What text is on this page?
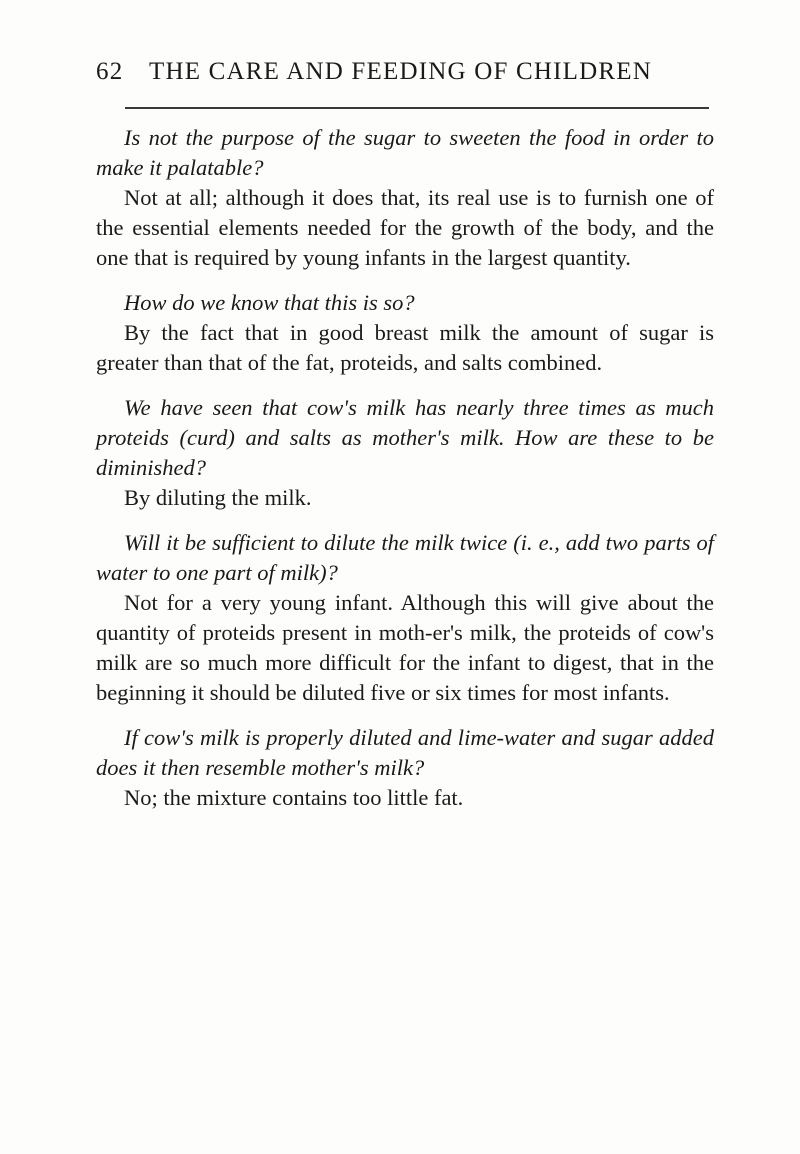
62 THE CARE AND FEEDING OF CHILDREN

Is not the purpose of the sugar to sweeten the food in order to make it palatable?

Not at all; although it does that, its real use is to furnish one of the essential elements needed for the growth of the body, and the one that is required by young infants in the largest quantity.

How do we know that this is so?

By the fact that in good breast milk the amount of sugar is greater than that of the fat, proteids, and salts combined.

We have seen that cow's milk has nearly three times as much proteids (curd) and salts as mother's milk. How are these to be diminished?

By diluting the milk.

Will it be sufficient to dilute the milk twice (i. e., add two parts of water to one part of milk)?

Not for a very young infant. Although this will give about the quantity of proteids present in moth-er's milk, the proteids of cow's milk are so much more difficult for the infant to digest, that in the beginning it should be diluted five or six times for most infants.

If cow's milk is properly diluted and lime-water and sugar added does it then resemble mother's milk?

No; the mixture contains too little fat.
